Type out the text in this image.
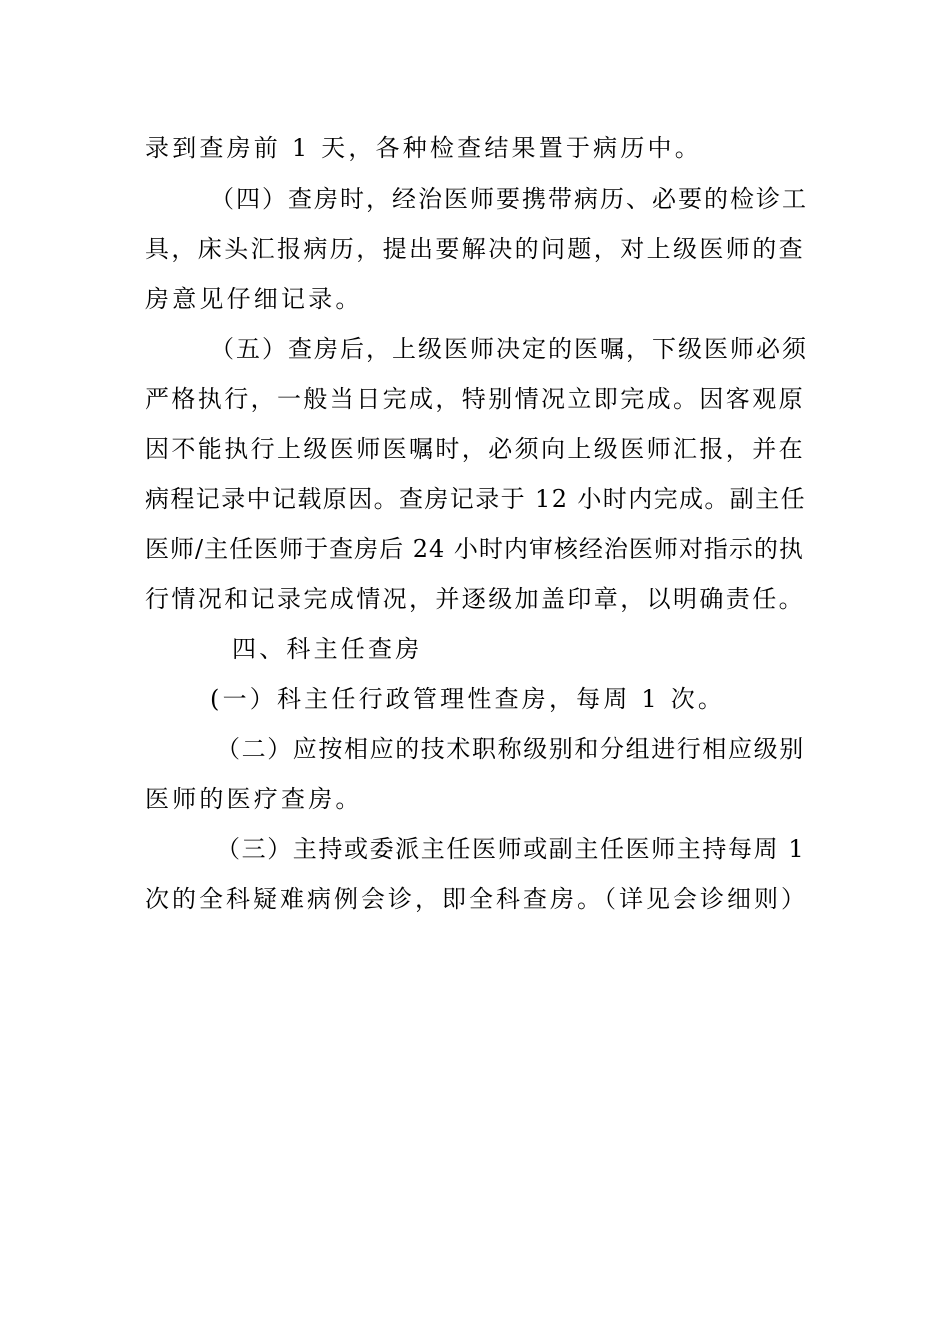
录到查房前 1 天，各种检查结果置于病历中。
（四）查房时，经治医师要携带病历、必要的检诊工
具，床头汇报病历，提出要解决的问题，对上级医师的查
房意见仔细记录。
（五）查房后，上级医师决定的医嘱，下级医师必须
严格执行，一般当日完成，特别情况立即完成。因客观原
因不能执行上级医师医嘱时，必须向上级医师汇报，并在
病程记录中记载原因。查房记录于 12 小时内完成。副主任
医师/主任医师于查房后 24 小时内审核经治医师对指示的执
行情况和记录完成情况，并逐级加盖印章，以明确责任。
四、科主任查房
(一）科主任行政管理性查房，每周 1 次。
（二）应按相应的技术职称级别和分组进行相应级别
医师的医疗查房。
（三）主持或委派主任医师或副主任医师主持每周 1
次的全科疑难病例会诊，即全科查房。（详见会诊细则）
